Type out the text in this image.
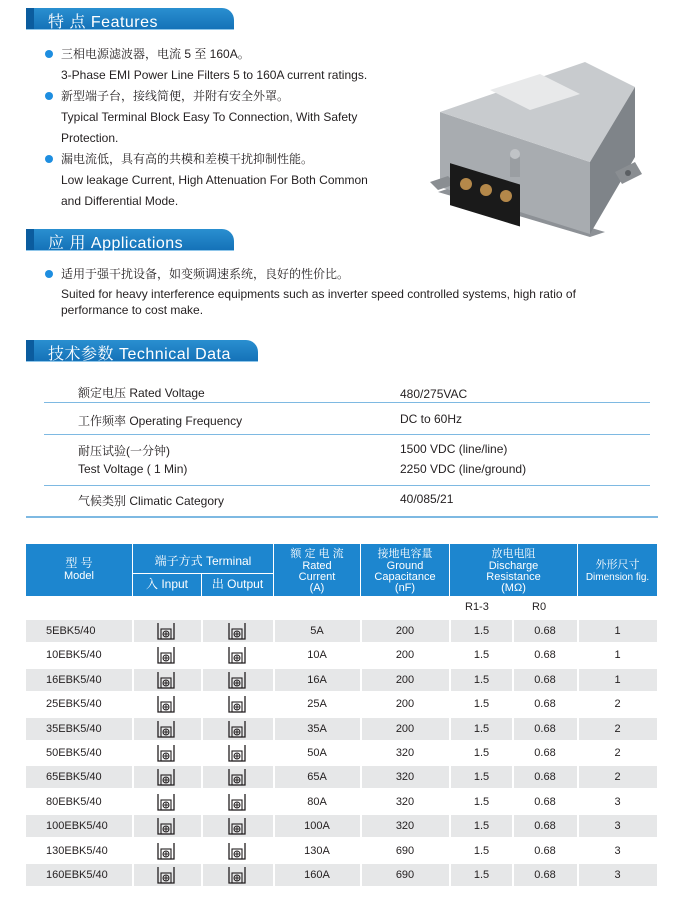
特 点 Features
三相电源滤波器，电流 5 至 160A。
3-Phase EMI Power Line Filters 5 to 160A current ratings.
新型端子台，接线简便，并附有安全外罩。
Typical Terminal Block Easy To Connection, With Safety
Protection.
漏电流低，具有高的共模和差模干扰抑制性能。
Low leakage Current, High Attenuation For Both Common
and Differential Mode.
应 用 Applications
适用于强干扰设备，如变频调速系统，良好的性价比。
Suited for heavy interference equipments such as inverter speed controlled systems, high ratio of
performance to cost make.
技术参数 Technical Data
额定电压 Rated Voltage	480/275VAC
工作频率 Operating Frequency	DC to 60Hz
耐压试验(一分钟)	1500 VDC (line/line)
Test Voltage ( 1 Min)	2250 VDC (line/ground)
气候类别 Climatic Category	40/085/21
型 号
Model
端子方式 Terminal
入 Input	出 Output
额 定 电 流
Rated
Current
(A)
接地电容量
Ground
Capacitance
(nF)
放电电阻
Discharge
Resistance
(MΩ)
外形尺寸
Dimension fig.
R1-3	R0
5EBK5/40	5A	200	1.5	0.68	1
10EBK5/40	10A	200	1.5	0.68	1
16EBK5/40	16A	200	1.5	0.68	1
25EBK5/40	25A	200	1.5	0.68	2
35EBK5/40	35A	200	1.5	0.68	2
50EBK5/40	50A	320	1.5	0.68	2
65EBK5/40	65A	320	1.5	0.68	2
80EBK5/40	80A	320	1.5	0.68	3
100EBK5/40	100A	320	1.5	0.68	3
130EBK5/40	130A	690	1.5	0.68	3
160EBK5/40	160A	690	1.5	0.68	3
